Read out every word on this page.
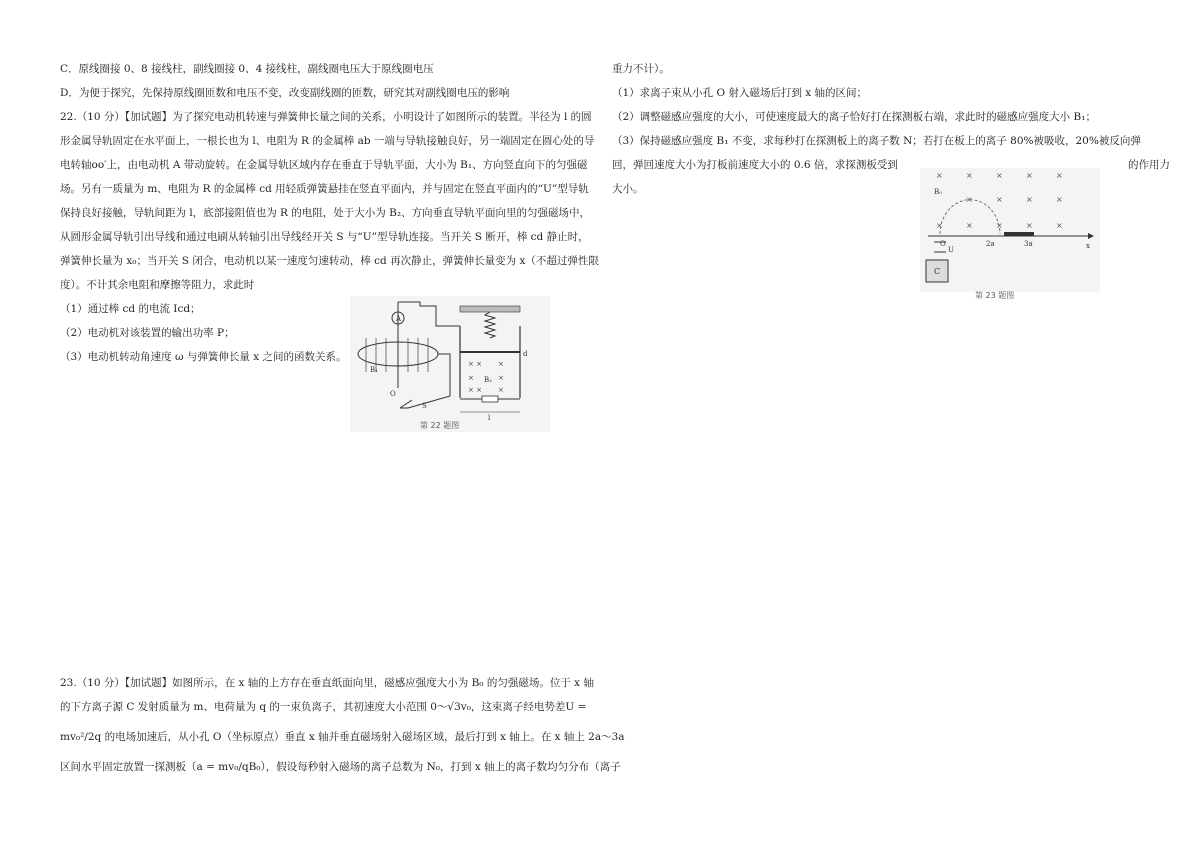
C．原线圈接 0、8 接线柱，副线圈接 0、4 接线柱，副线圈电压大于原线圈电压
D．为便于探究，先保持原线圈匝数和电压不变，改变副线圈的匝数，研究其对副线圈电压的影响
22.（10 分）【加试题】为了探究电动机转速与弹簧伸长量之间的关系，小明设计了如图所示的装置。半径为 l 的圆
形金属导轨固定在水平面上，一根长也为 l、电阻为 R 的金属棒 ab 一端与导轨接触良好，另一端固定在圆心处的导
电转轴oo′上，由电动机 A 带动旋转。在金属导轨区域内存在垂直于导轨平面，大小为 B₁、方向竖直向下的匀强磁
场。另有一质量为 m、电阻为 R 的金属棒 cd 用轻质弹簧悬挂在竖直平面内，并与固定在竖直平面内的“U”型导轨
保持良好接触，导轨间距为 l，底部接阻值也为 R 的电阻，处于大小为 B₂、方向垂直导轨平面向里的匀强磁场中，
从圆形金属导轨引出导线和通过电刷从转轴引出导线经开关 S 与“U”型导轨连接。当开关 S 断开，棒 cd 静止时，
弹簧伸长量为 x₀；当开关 S 闭合，电动机以某一速度匀速转动，棒 cd 再次静止，弹簧伸长量变为 x（不超过弹性限
度）。不计其余电阻和摩擦等阻力，求此时
（1）通过棒 cd 的电流 Icd；
（2）电动机对该装置的输出功率 P；
（3）电动机转动角速度 ω 与弹簧伸长量 x 之间的函数关系。
A
B₁
O
S
× × ×
×	×
× × ×
B₂
d
l
第 22 题图
23.（10 分）【加试题】如图所示，在 x 轴的上方存在垂直纸面向里，磁感应强度大小为 B₀ 的匀强磁场。位于 x 轴
的下方离子源 C 发射质量为 m、电荷量为 q 的一束负离子，其初速度大小范围 0～√3v₀，这束离子经电势差U =
mv₀²/2q 的电场加速后，从小孔 O（坐标原点）垂直 x 轴并垂直磁场射入磁场区域，最后打到 x 轴上。在 x 轴上 2a～3a
区间水平固定放置一探测板（a = mv₀/qB₀），假设每秒射入磁场的离子总数为 N₀，打到 x 轴上的离子数均匀分布（离子
重力不计）。
（1）求离子束从小孔 O 射入磁场后打到 x 轴的区间；
（2）调整磁感应强度的大小，可使速度最大的离子恰好打在探测板右端，求此时的磁感应强度大小 B₁；
（3）保持磁感应强度 B₁ 不变，求每秒打在探测板上的离子数 N；若打在板上的离子 80%被吸收，20%被反向弹
回，弹回速度大小为打板前速度大小的 0.6 倍，求探测板受到	的作用力
大小。
×	×	×	×	×
×	×	×	×
×	×	×	×	×
B₀
O	2a	3a	x
U
C
第 23 题图
